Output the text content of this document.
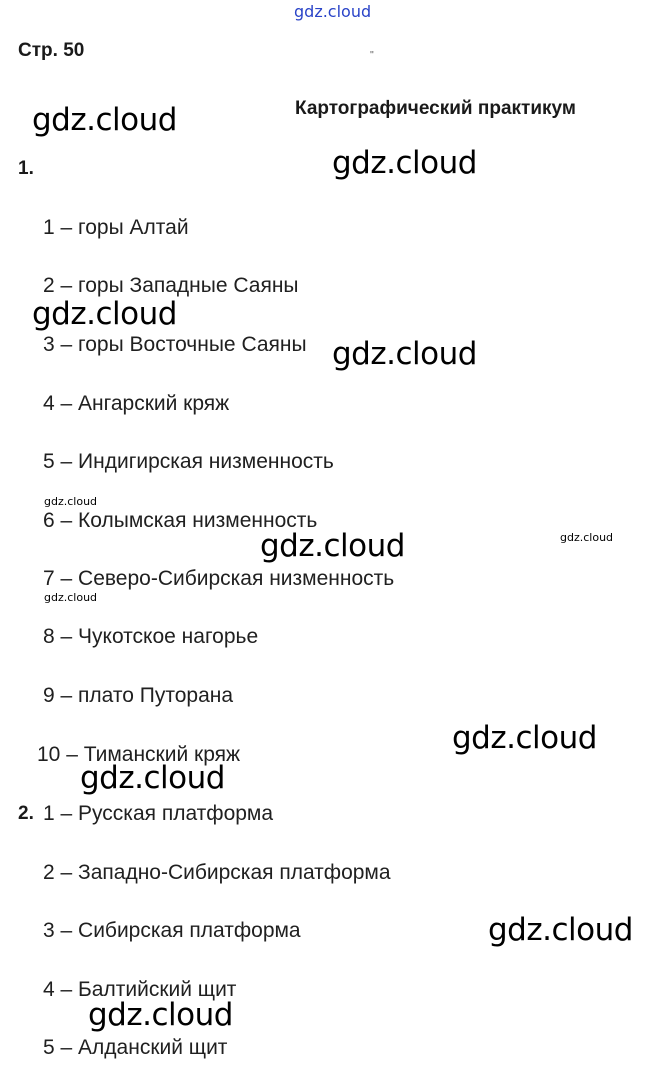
gdz.cloud
Стр. 50	''
Картографический практикум
1.
1 – горы Алтай
2 – горы Западные Саяны
3 – горы Восточные Саяны
4 – Ангарский кряж
5 – Индигирская низменность
6 – Колымская низменность
7 – Северо-Сибирская низменность
8 – Чукотское нагорье
9 – плато Путорана
10 – Тиманский кряж
2. 1 – Русская платформа
2 – Западно-Сибирская платформа
3 – Сибирская платформа
4 – Балтийский щит
5 – Алданский щит
gdz.cloud
gdz.cloud
gdz.cloud
gdz.cloud
gdz.cloud
gdz.cloud
gdz.cloud
gdz.cloud
gdz.cloud
gdz.cloud
gdz.cloud
gdz.cloud
